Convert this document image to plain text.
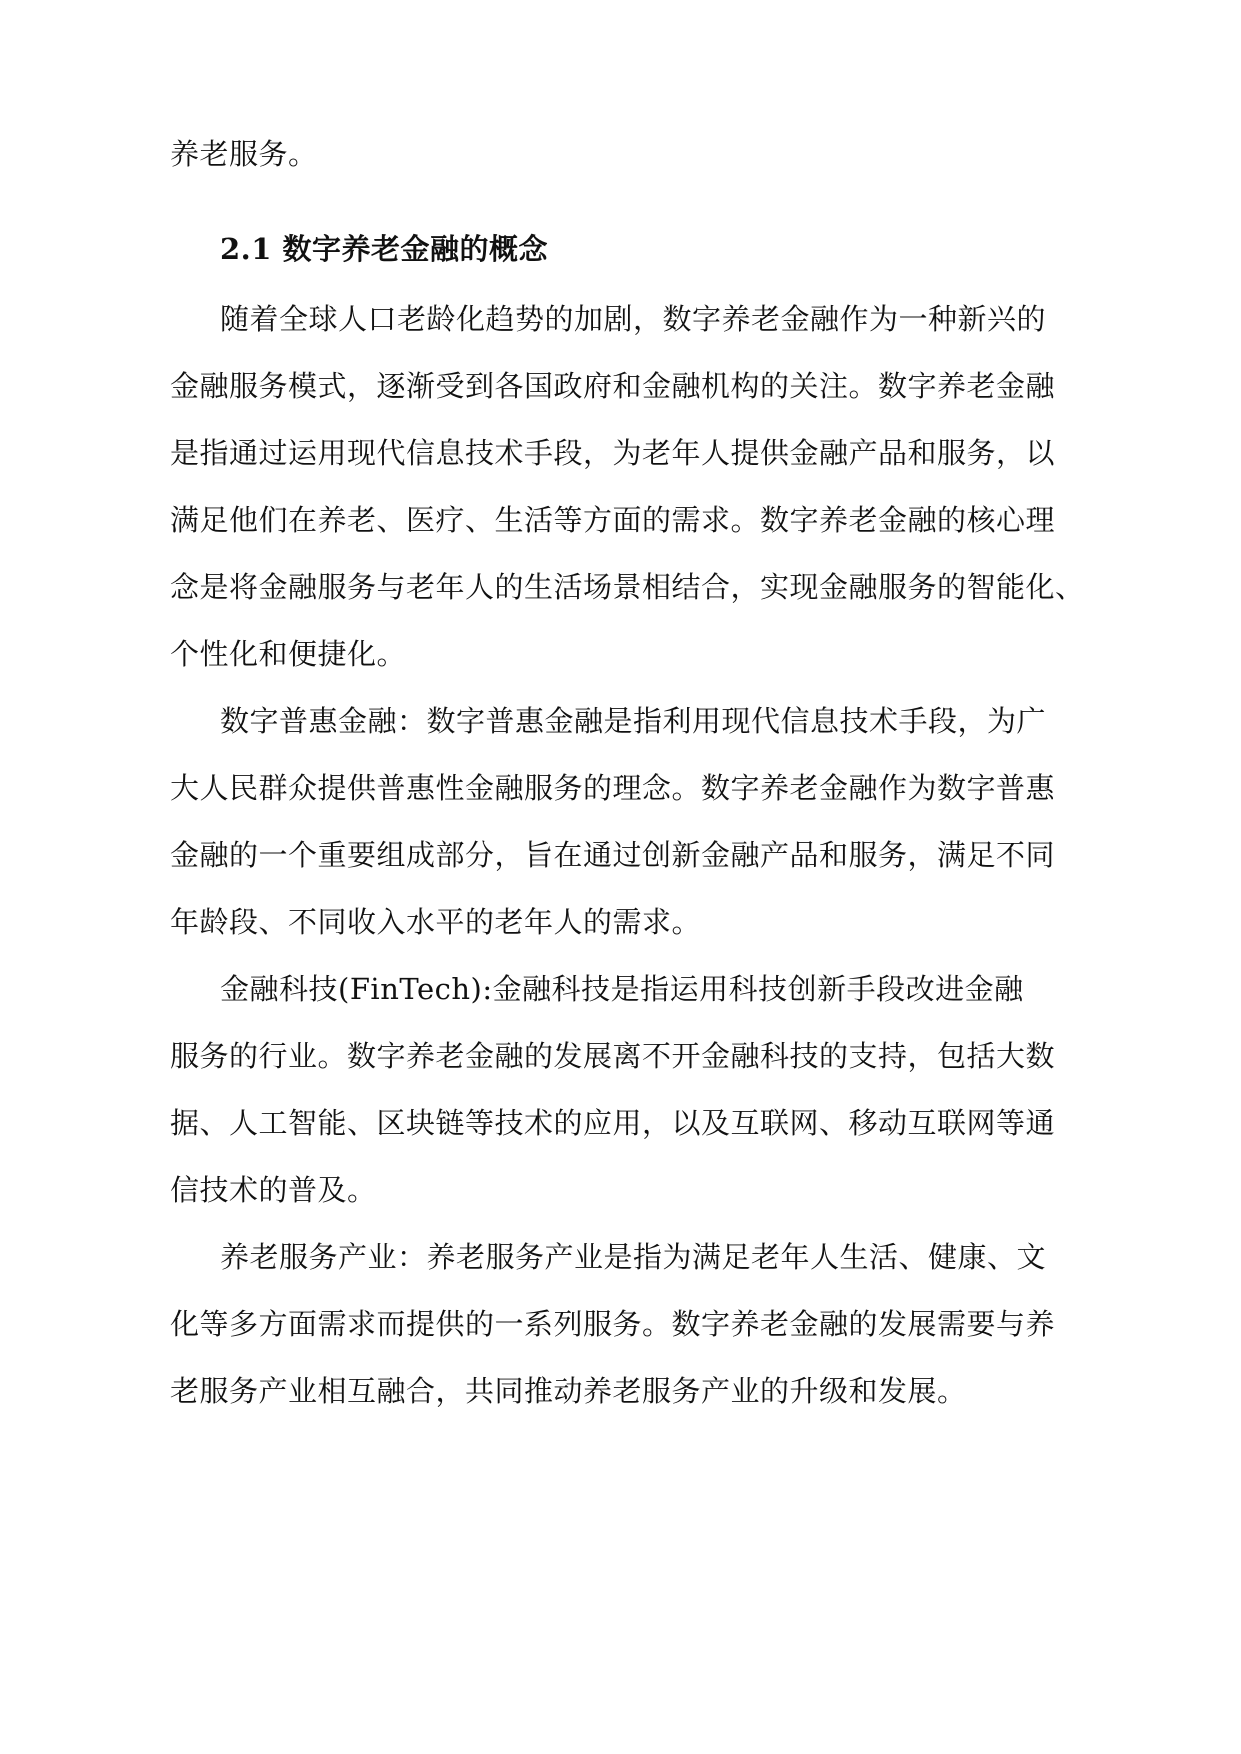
养老服务。

2.1 数字养老金融的概念

随着全球人口老龄化趋势的加剧，数字养老金融作为一种新兴的

金融服务模式，逐渐受到各国政府和金融机构的关注。数字养老金融

是指通过运用现代信息技术手段，为老年人提供金融产品和服务，以

满足他们在养老、医疗、生活等方面的需求。数字养老金融的核心理

念是将金融服务与老年人的生活场景相结合，实现金融服务的智能化、

个性化和便捷化。

数字普惠金融：数字普惠金融是指利用现代信息技术手段，为广

大人民群众提供普惠性金融服务的理念。数字养老金融作为数字普惠

金融的一个重要组成部分，旨在通过创新金融产品和服务，满足不同

年龄段、不同收入水平的老年人的需求。

金融科技(FinTech):金融科技是指运用科技创新手段改进金融

服务的行业。数字养老金融的发展离不开金融科技的支持，包括大数

据、人工智能、区块链等技术的应用，以及互联网、移动互联网等通

信技术的普及。

养老服务产业：养老服务产业是指为满足老年人生活、健康、文

化等多方面需求而提供的一系列服务。数字养老金融的发展需要与养

老服务产业相互融合，共同推动养老服务产业的升级和发展。
